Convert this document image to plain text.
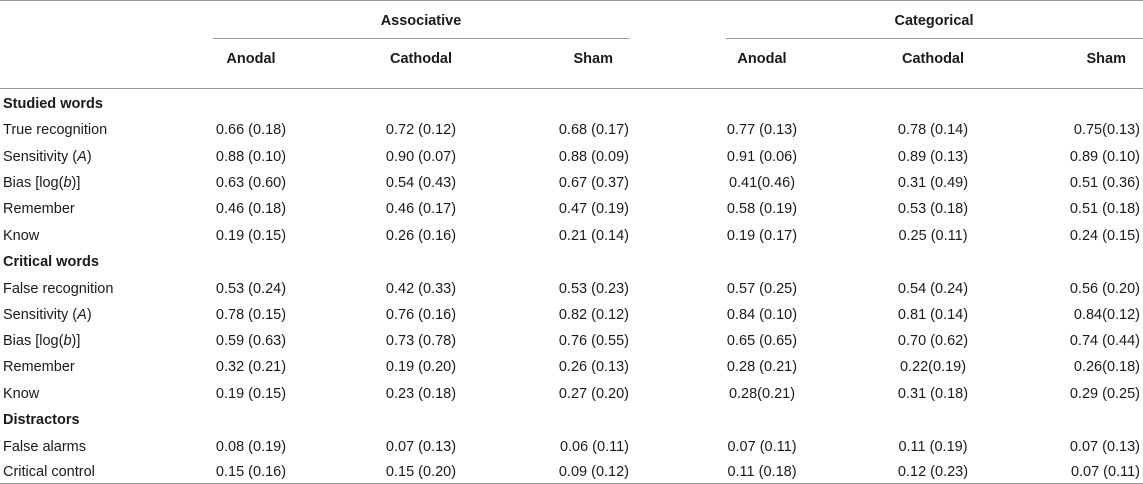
Associative	Categorical
Anodal	Cathodal	Sham	Anodal	Cathodal	Sham
Studied words
True recognition	0.66 (0.18)	0.72 (0.12)	0.68 (0.17)	0.77 (0.13)	0.78 (0.14)	0.75(0.13)
Sensitivity (A)	0.88 (0.10)	0.90 (0.07)	0.88 (0.09)	0.91 (0.06)	0.89 (0.13)	0.89 (0.10)
Bias [log(b)]	0.63 (0.60)	0.54 (0.43)	0.67 (0.37)	0.41(0.46)	0.31 (0.49)	0.51 (0.36)
Remember	0.46 (0.18)	0.46 (0.17)	0.47 (0.19)	0.58 (0.19)	0.53 (0.18)	0.51 (0.18)
Know	0.19 (0.15)	0.26 (0.16)	0.21 (0.14)	0.19 (0.17)	0.25 (0.11)	0.24 (0.15)
Critical words
False recognition	0.53 (0.24)	0.42 (0.33)	0.53 (0.23)	0.57 (0.25)	0.54 (0.24)	0.56 (0.20)
Sensitivity (A)	0.78 (0.15)	0.76 (0.16)	0.82 (0.12)	0.84 (0.10)	0.81 (0.14)	0.84(0.12)
Bias [log(b)]	0.59 (0.63)	0.73 (0.78)	0.76 (0.55)	0.65 (0.65)	0.70 (0.62)	0.74 (0.44)
Remember	0.32 (0.21)	0.19 (0.20)	0.26 (0.13)	0.28 (0.21)	0.22(0.19)	0.26(0.18)
Know	0.19 (0.15)	0.23 (0.18)	0.27 (0.20)	0.28(0.21)	0.31 (0.18)	0.29 (0.25)
Distractors
False alarms	0.08 (0.19)	0.07 (0.13)	0.06 (0.11)	0.07 (0.11)	0.11 (0.19)	0.07 (0.13)
Critical control	0.15 (0.16)	0.15 (0.20)	0.09 (0.12)	0.11 (0.18)	0.12 (0.23)	0.07 (0.11)
